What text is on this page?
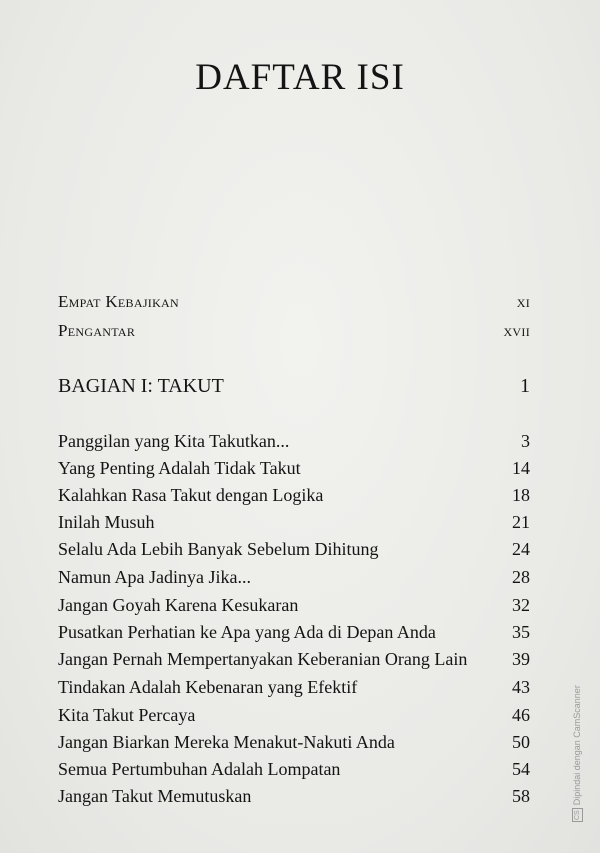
DAFTAR ISI
Empat Kebajikan	xi
Pengantar	xvii
BAGIAN I: TAKUT	1
Panggilan yang Kita Takutkan...	3
Yang Penting Adalah Tidak Takut	14
Kalahkan Rasa Takut dengan Logika	18
Inilah Musuh	21
Selalu Ada Lebih Banyak Sebelum Dihitung	24
Namun Apa Jadinya Jika...	28
Jangan Goyah Karena Kesukaran	32
Pusatkan Perhatian ke Apa yang Ada di Depan Anda	35
Jangan Pernah Mempertanyakan Keberanian Orang Lain 39
Tindakan Adalah Kebenaran yang Efektif	43
Kita Takut Percaya	46
Jangan Biarkan Mereka Menakut-Nakuti Anda	50
Semua Pertumbuhan Adalah Lompatan	54
Jangan Takut Memutuskan	58
CS
Dipindai dengan CamScanner
